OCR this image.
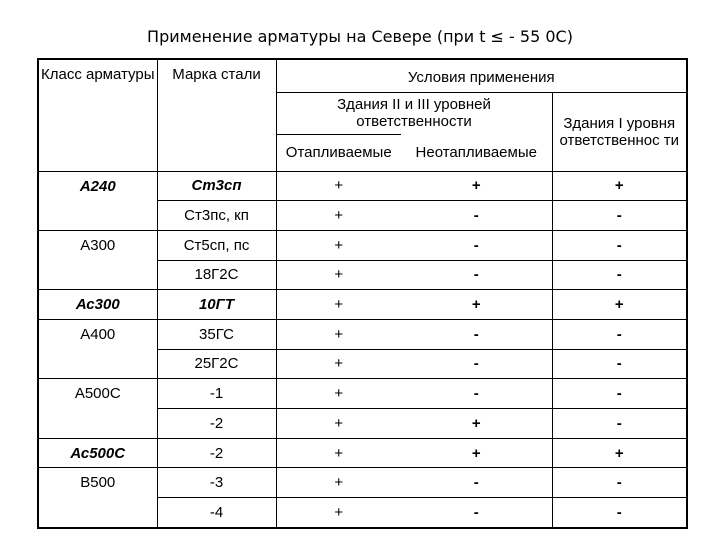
Применение арматуры на Севере (при t ≤ - 55 0С)
Класс арматуры	Марка стали	Условия применения		
		Здания II и III уровней ответственности		Здания I уровня ответственнос ти
		Отапливаемые	Неотапливаемые	
А240	Ст3сп	+	+	+
	Ст3пс, кп	+	-	-
А300	Ст5сп, пс	+	-	-
	18Г2С	+	-	-
Ас300	10ГТ	+	+	+
А400	35ГС	+	-	-
	25Г2С	+	-	-
А500С	-1	+	-	-
	-2	+	+	-
Ас500С	-2	+	+	+
В500	-3	+	-	-
	-4	+	-	-
